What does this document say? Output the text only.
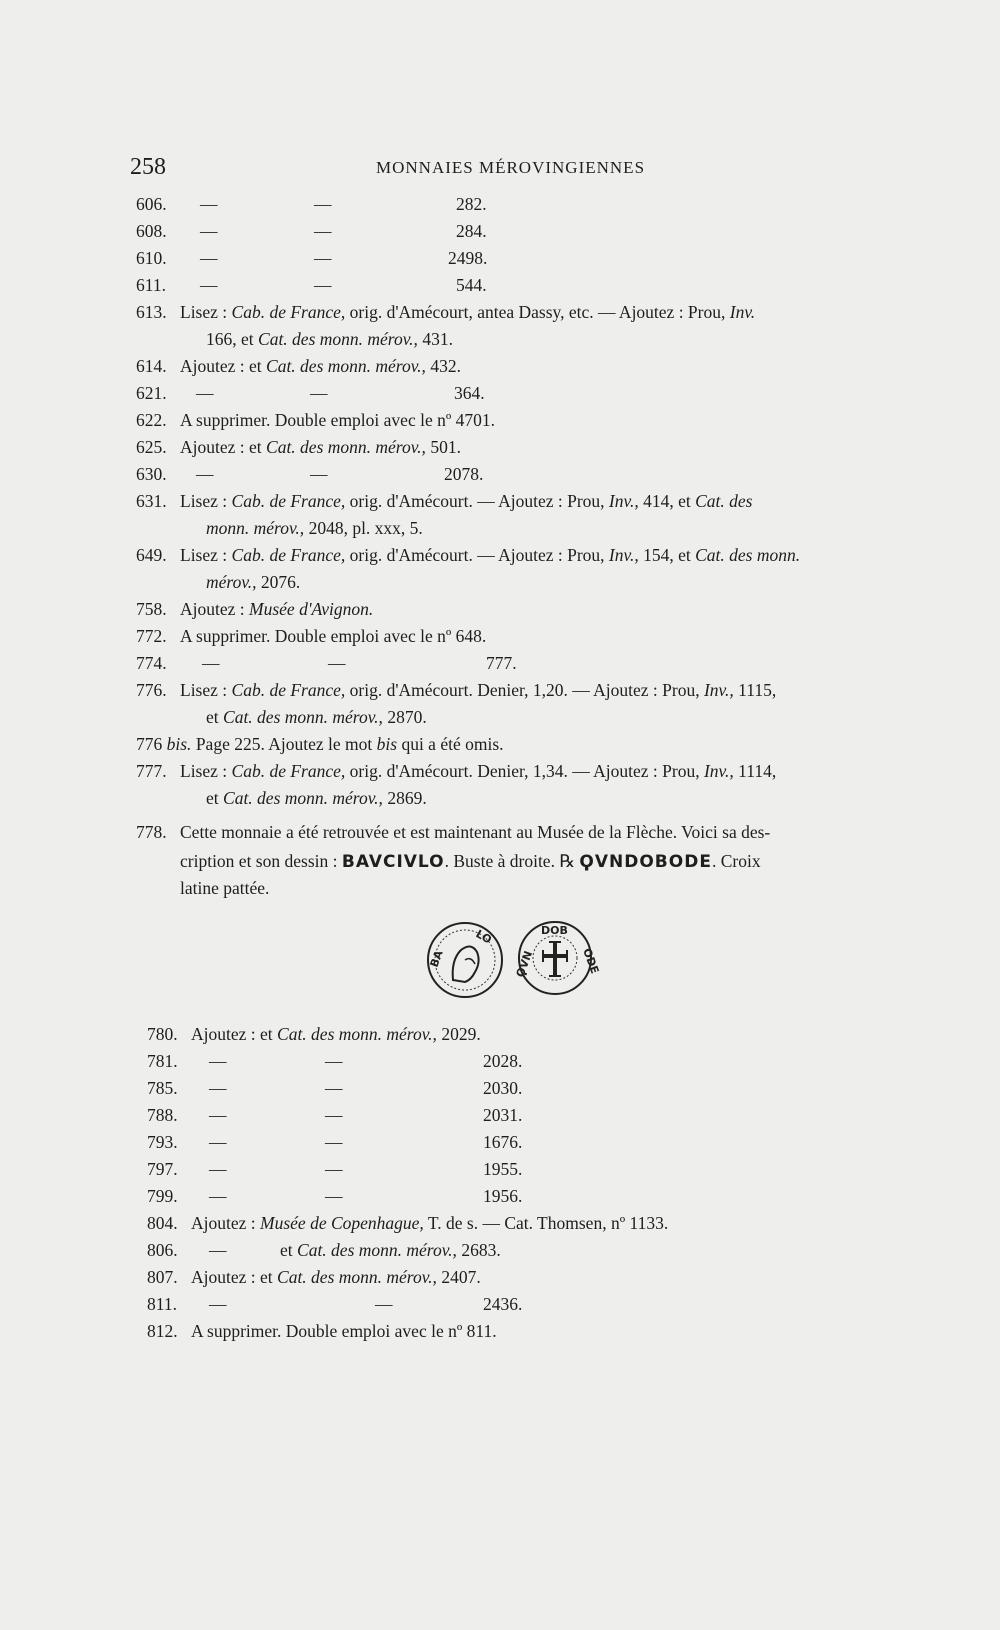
258	MONNAIES MÉROVINGIENNES
606. —	—	282.
608. —	—	284.
610. —	—	2498.
611. —	—	544.
613. Lisez : Cab. de France, orig. d'Amécourt, antea Dassy, etc. — Ajoutez : Prou, Inv.
166, et Cat. des monn. mérov., 431.
614. Ajoutez : et Cat. des monn. mérov., 432.
621. —	—	364.
622. A supprimer. Double emploi avec le nº 4701.
625. Ajoutez : et Cat. des monn. mérov., 501.
630. —	—	2078.
631. Lisez : Cab. de France, orig. d'Amécourt. — Ajoutez : Prou, Inv., 414, et Cat. des
monn. mérov., 2048, pl. xxx, 5.
649. Lisez : Cab. de France, orig. d'Amécourt. — Ajoutez : Prou, Inv., 154, et Cat. des monn.
mérov., 2076.
758. Ajoutez : Musée d'Avignon.
772. A supprimer. Double emploi avec le nº 648.
774. —	—	777.
776. Lisez : Cab. de France, orig. d'Amécourt. Denier, 1,20. — Ajoutez : Prou, Inv., 1115,
et Cat. des monn. mérov., 2870.
776 bis. Page 225. Ajoutez le mot bis qui a été omis.
777. Lisez : Cab. de France, orig. d'Amécourt. Denier, 1,34. — Ajoutez : Prou, Inv., 1114,
et Cat. des monn. mérov., 2869.
778. Cette monnaie a été retrouvée et est maintenant au Musée de la Flèche. Voici sa des-
cription et son dessin : BAVCIVLO. Buste à droite. ℞ ϘVNDOBODE. Croix
latine pattée.
BA
LO	DOB
ODE
ϘVN
780. Ajoutez : et Cat. des monn. mérov., 2029.
781. —	—	2028.
785. —	—	2030.
788. —	—	2031.
793. —	—	1676.
797. —	—	1955.
799. —	—	1956.
804. Ajoutez : Musée de Copenhague, T. de s. — Cat. Thomsen, nº 1133.
806. —	et Cat. des monn. mérov., 2683.
807. Ajoutez : et Cat. des monn. mérov., 2407.
811. —	—	2436.
812. A supprimer. Double emploi avec le nº 811.
